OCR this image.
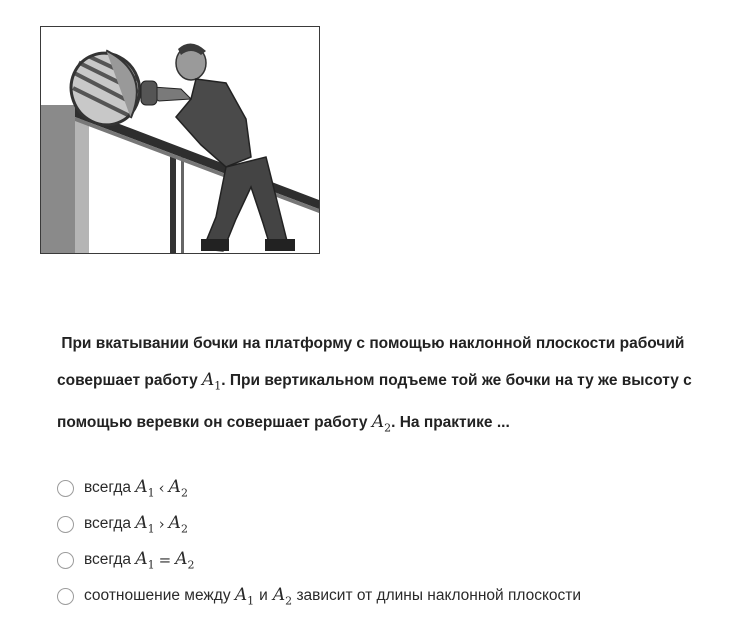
При вкатывании бочки на платформу с помощью наклонной плоскости рабочий совершает работу $A_1$. При вертикальном подъеме той же бочки на ту же высоту с помощью веревки он совершает работу $A_2$. На практике ...
всегда
$A_1$ ‹ $A_2$
всегда
$A_1$ › $A_2$
всегда
$A_1 = A_2$
соотношение между
$A_1$ и $A_2$
зависит от длины наклонной плоскости
